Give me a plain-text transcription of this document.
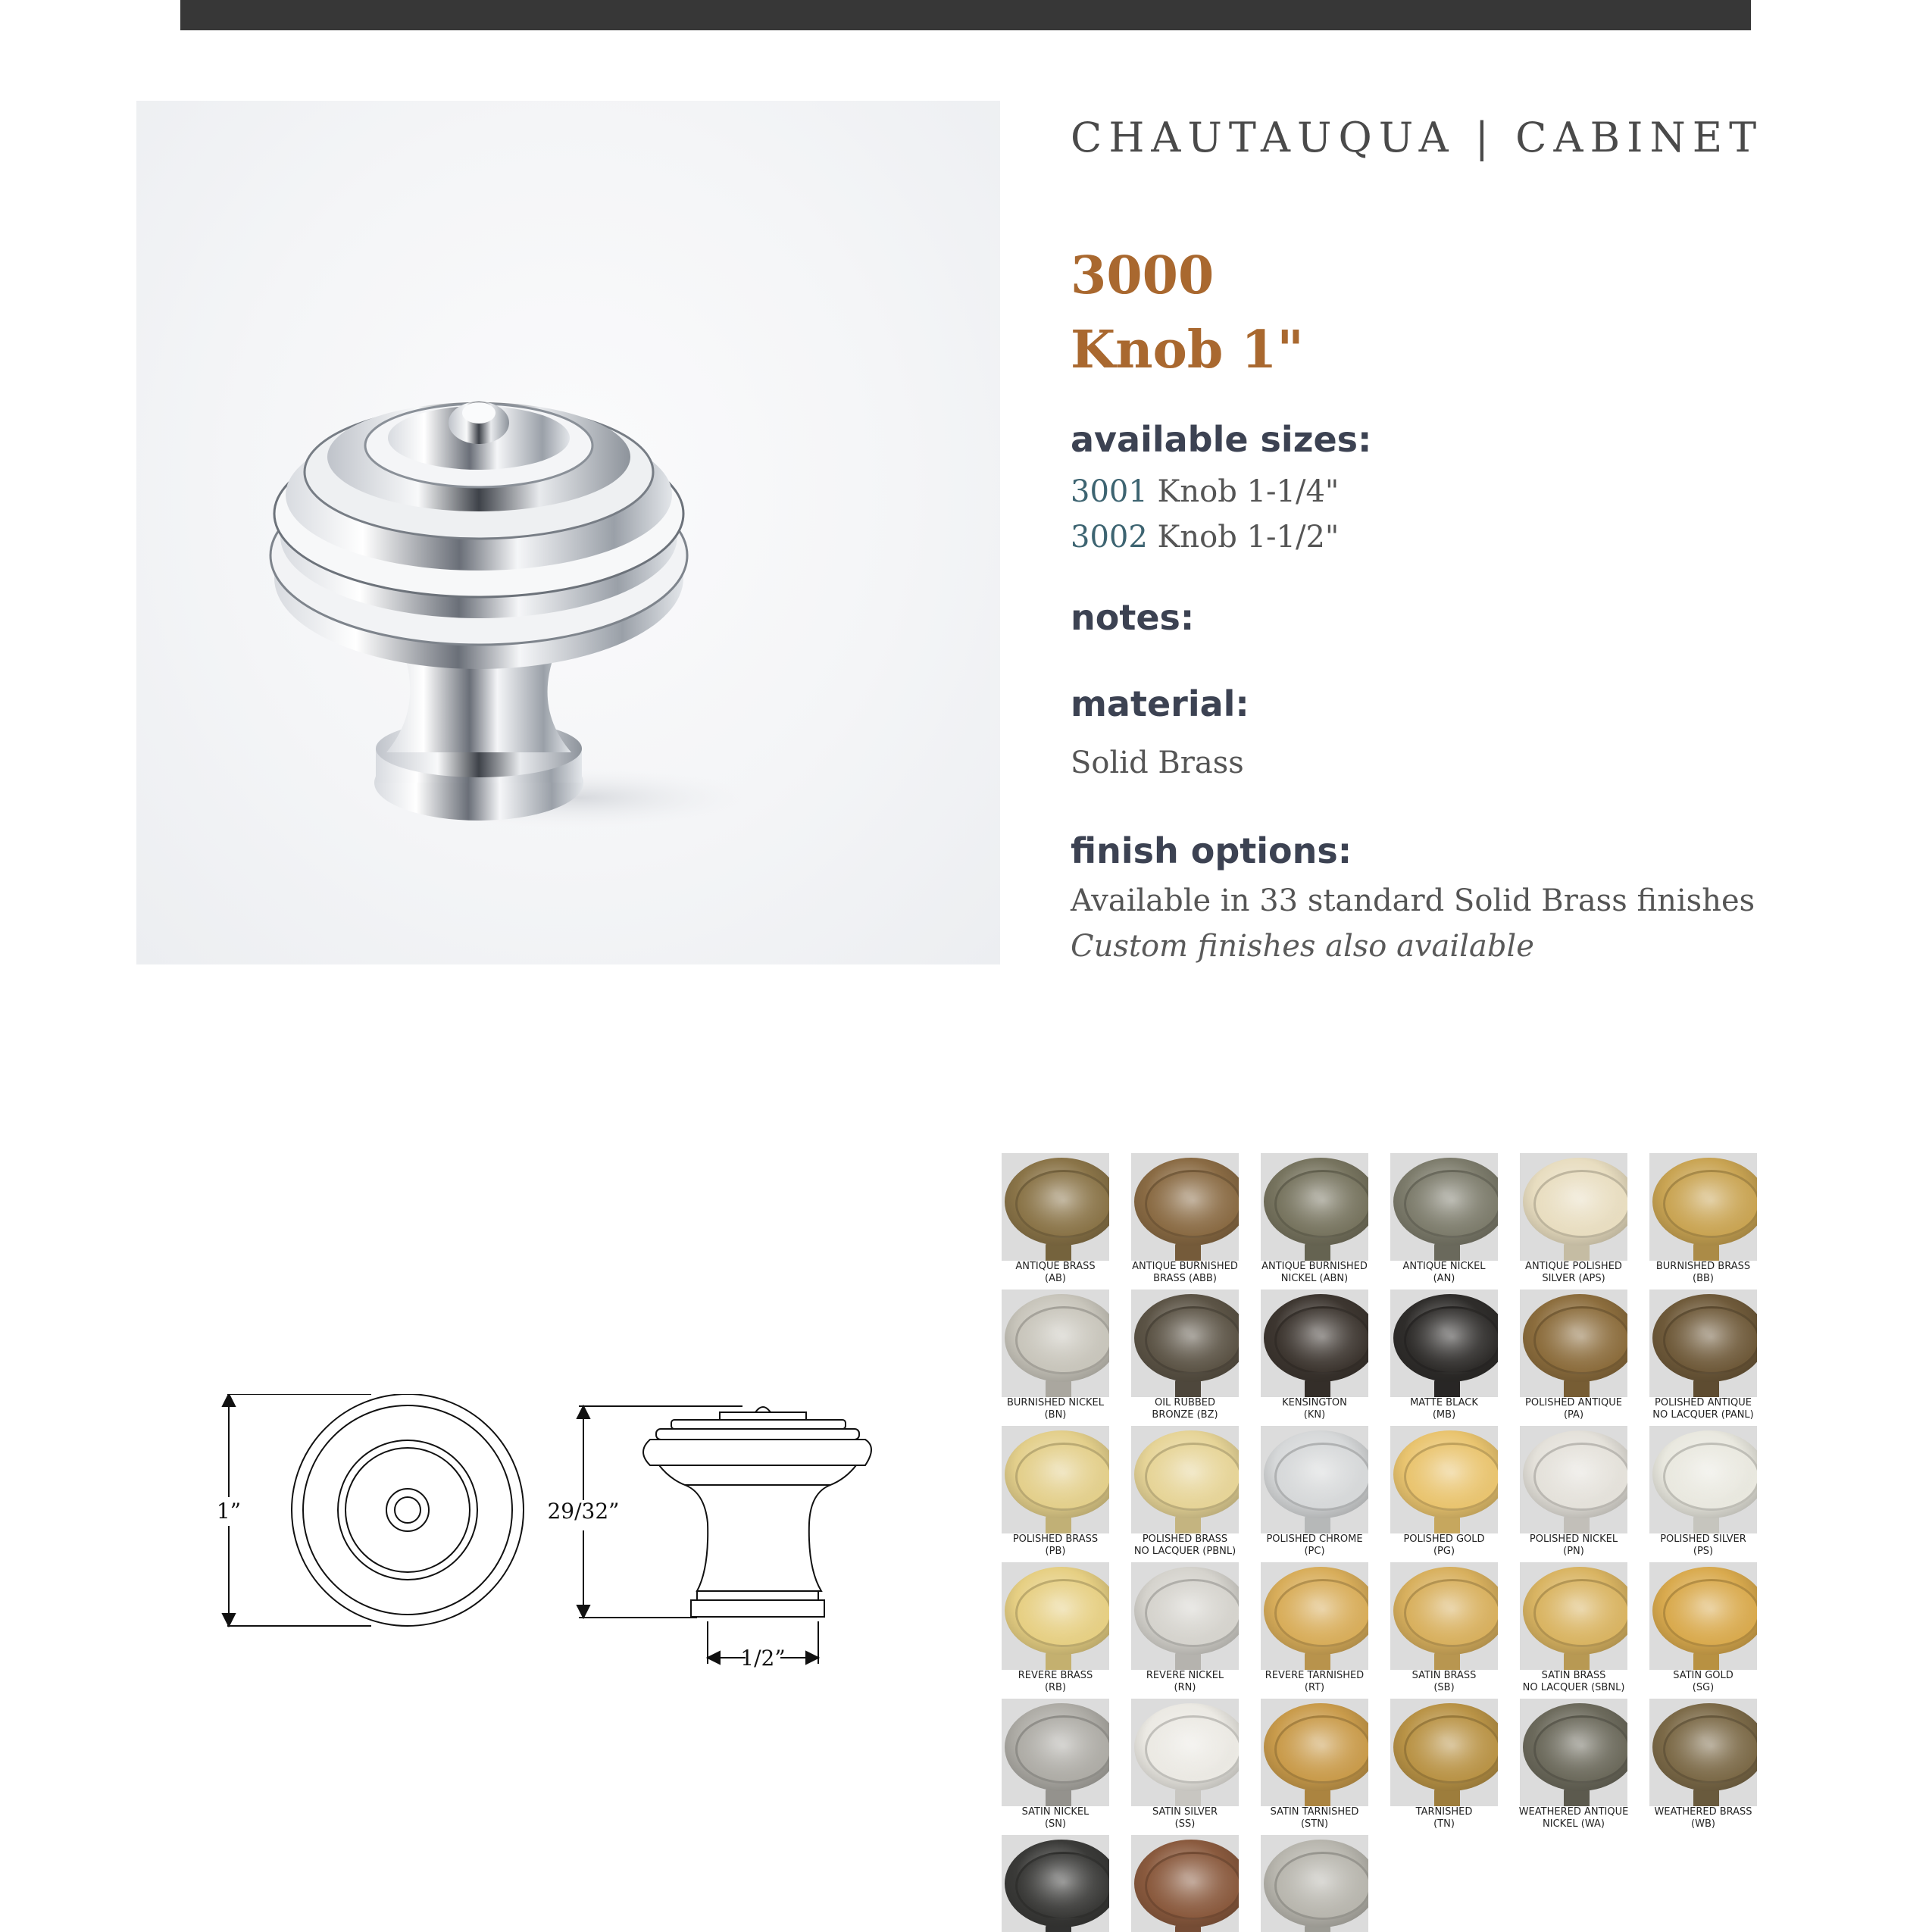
CHAUTAUQUA | CABINET
3000
Knob 1"
available sizes:
3001 Knob 1-1/4"
3002 Knob 1-1/2"
notes:
material:
Solid Brass
finish options:
Available in 33 standard Solid Brass finishes
Custom finishes also available
1”	29/32”
1/2”
ANTIQUE BRASS
(AB)
ANTIQUE BURNISHED
BRASS (ABB)
ANTIQUE BURNISHED
NICKEL (ABN)
ANTIQUE NICKEL
(AN)
ANTIQUE POLISHED
SILVER (APS)
BURNISHED BRASS
(BB)
BURNISHED NICKEL
(BN)
OIL RUBBED
BRONZE (BZ)
KENSINGTON
(KN)
MATTE BLACK
(MB)
POLISHED ANTIQUE
(PA)
POLISHED ANTIQUE
NO LACQUER (PANL)
POLISHED BRASS
(PB)
POLISHED BRASS
NO LACQUER (PBNL)
POLISHED CHROME
(PC)
POLISHED GOLD
(PG)
POLISHED NICKEL
(PN)
POLISHED SILVER
(PS)
REVERE BRASS
(RB)
REVERE NICKEL
(RN)
REVERE TARNISHED
(RT)
SATIN BRASS
(SB)
SATIN BRASS
NO LACQUER (SBNL)
SATIN GOLD
(SG)
SATIN NICKEL
(SN)
SATIN SILVER
(SS)
SATIN TARNISHED
(STN)
TARNISHED
(TN)
WEATHERED ANTIQUE
NICKEL (WA)
WEATHERED BRASS
(WB)
